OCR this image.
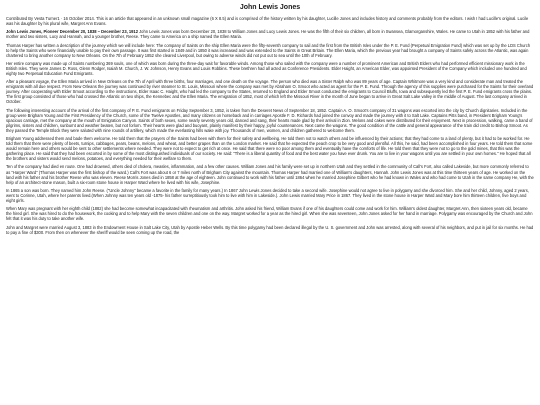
John Lewis Jones

Contributed By Vesta Turner1 · 16 October 2014. This is an article that appeared in an unknown small magazine (6 X 8.5) and is comprised of the history written by his daughter, Lucille Jones and includes history and comments probably from the editors. I wish I had Lucille's original. Lucile was his daughter by his plural wife, Margret Ann Evans.

John Lewis Jones, Pioneer December 20, 1838 – December 23, 1912 John Lewis Jones was born December 20, 1838 to William Jones and Lucy Lewis Jones. He was the fifth of their six children, all born in Swansea, Glamorganshire, Wales. He came to Utah in 1852 with his father and mother and two sisters, Lucy and Hannah, and a younger brother, Reese. They came to America on a ship named the Ellen Maria.

Thomas Harper has written a description of the journey which we will include here: The company of Saints on the ship Ellen Maria were the fifty-seventh company to sail and the first from the British Isles under the P. E. Fund (Perpetual Emigration Fund) which was set up by the LDS Church to help the Saints who were financially unable to pay their own passage. It was first started in 1849 and in 1850 it was increased and was extended to the Saints in Great Britain. The Ellen Maria, which the previous year had brought a company of Saints safely across the Atlantic, was again chartered to bring another company to New Orleans. On the 7th of February 1852 she cleared Liverpool, but owing to adverse winds did not put out to sea until the 10th of February.

Her entire company was made up of Saints numbering 369 souls, one of which was born during the three-day wait for favorable winds. Among those who sailed with the company were a number of prominent American and British Elders who had performed efficient missionary work in the British Isles. They were James D. Ross, Glenn Rodger, Isaiah M. Church, J. W. Johnson, Henry Evans and Louis Robbins. These brethren had all acted as Conference Presidents. Elder Haight, an American Elder, was appointed President of the Company which included one hundred and eighty two Perpetual Education Fund Emigrants.

After a pleasant voyage, the Ellen Maria arrived in New Orleans on the 7th of April with three births, four marriages, and one death on the voyage. The person who died was a Sister Ralph who was 89 years of age. Captain Whitmore was a very kind and considerate man and treated the emigrants with all due respect. From New Orleans the journey was continued by river steamer to St. Louis, Missouri where the company was met by Abraham O. Smoot who acted as agent for the P. E. Fund. Through the agency of this supplies were purchased for the Saints for their overland journey. After cooperating with Elder Smoot according to the instructions, Elder Isaac C. Haight, who had led the company to the States, returned to England and Elder Smoot conducted the emigrants to Council Bluffs, Iowa and subsequently led the first P. E. Fund emigrants cross the plains. The first group consisted of those who had crossed the Atlantic on two ships, the Kennebec and the Ellen Maria. The emigration of 1852, most of which left the Missouri River in the month of June began to arrive in Great Salt Lake valley in the middle of August. The last company arrived in October.

The following interesting account of the arrival of the first company of P. E. Fund emigrants on Friday September 3, 1852, is taken from the Deseret News of September 18, 1852. Captain A. O. Smoot's company of 31 wagons was escorted into the city by Church dignitaries. Included in the group were Brigham Young and the First Presidency of the Church, some of the Twelve Apostles, and many citizens on horseback and in carriages Apostle F. D. Richards had joined the convoy and made the journey with it to Salt Lake. Captains Pitts band, in President Brigham Young's spacious carriage, met the company at the mouth of Emigration Canyon. Saints of both sexes, some nearly seventy years old, danced and sang, their hearts made glad by their arrival in Zion. Melons and cakes were distributed for their enjoyment. Next in procession, walking, came a band of pilgrims, sisters and children, sunburnt and weather beaten, but not forlorn. Their hearts were glad and buoyant, plainly manifest by their happy, joyful countenances. Next came the wagons. The good condition of the cattle and general appearance of the train did credit to Bishop Smoot. As they passed the Temple Block they were saluted with nine rounds of artillery, which made the everlasting hills wake with joy. Thousands of men, women, and children gathered to welcome them.

Brigham Young addressed them and bade them welcome. He told them that the prayers of the Saints had been with them for their safety and wellbeing. He told them not to watch others and be influenced by their actions; that they had come to a land of plenty, but it had to be worked for. He told them that there were plenty of beets, turnips, cabbages, pears, beans, melons, and wheat, and better grapes than on the London market. He said that he expected the peach crop to be very good and plentiful. All this, he said, had been accomplished in four years. He told them that some would remain here and others would be sent to other settlements where needed. They were not to expect to get rich at once. He said that there were no poor among them and eventually have the comforts of life. He told them that they were not to go to the gold mines, that this was the gathering place. He said that they had been escorted in by some of the most distinguished individuals of our society. He said: "There is a liberal quantity of food and the best water you have ever drunk. You are to live in your wagons until you are settled in your own homes." He hoped that all the brothers and sisters would send melons, potatoes, and everything needed for their welfare to them.

Ten of the company had died en route. One had drowned, others died of cholera, measles, inflammation, and a few other causes. William Jones and his family were set up in northern Utah and they settled in the community of Call's Fort, also called Lakeside, but more commonly referred to as "Harper Ward" (Thomas Harper was the first bishop of the ward.) Call's Fort was about 6 or 7 miles north of Brigham City against the mountain. Thomas Harper had married one of William's daughters, Hannah. John Lewis Jones was at this time thirteen years of age. He worked on the land with his father and his brother Reese who was eleven. Reese Morris Jones died in 1858 at the age of eighteen. John continued to work with his father until 1864 when he married Josephine Gilbert who he had known in Wales and who had come to Utah in the same company He, with the help of an architect-stone mason, built a six-room stone house in Harper Ward where he lived with his wife, Josephine.

In 1865 a son was born. They named him John Reese. ("Uncle Johnny" became a favorite in the family for many years.) In 1867 John Lewis Jones decided to take a second wife. Josephine would not agree to live in polygamy and she divorced him. She and her child, Johnny, aged 2 years, went to Corinne, Utah, where her parents lived.(When Johnny was ten years old -1875- his father surreptitiously took him to live with him in Lakeside.). John Lewis married Mary Price in 1867. They lived in the stone house in Harper Ward and Mary bore him thirteen children, five boys and eight girls.

When Mary was pregnant with her eighth child (1882) she had become somewhat incapacitated with rheumatism and arthritis. John asked his friend, William Evans if one of his daughters could come and work for him. William's oldest daughter, Margret Ann, then sixteen years old, became the hired girl. She was hired to do the housework, the cooking and to help Mary with the seven children and one on the way. Margret worked for a year as the hired girl. When she was seventeen, John Jones asked for her hand in marriage. Polygamy was encouraged by the Church and John felt that it was his duty to take another wife.

John and Margret were married August 3, 1883 in the Endowment House in Salt Lake City, Utah by Apostle Heber Wells. By this time polygamy had been declared illegal by the U. S. government and John was arrested, along with several of his neighbors, and put in jail for six months. He had to pay a fine of $300. From then on whenever the sheriff would be seen coming up the road, the
